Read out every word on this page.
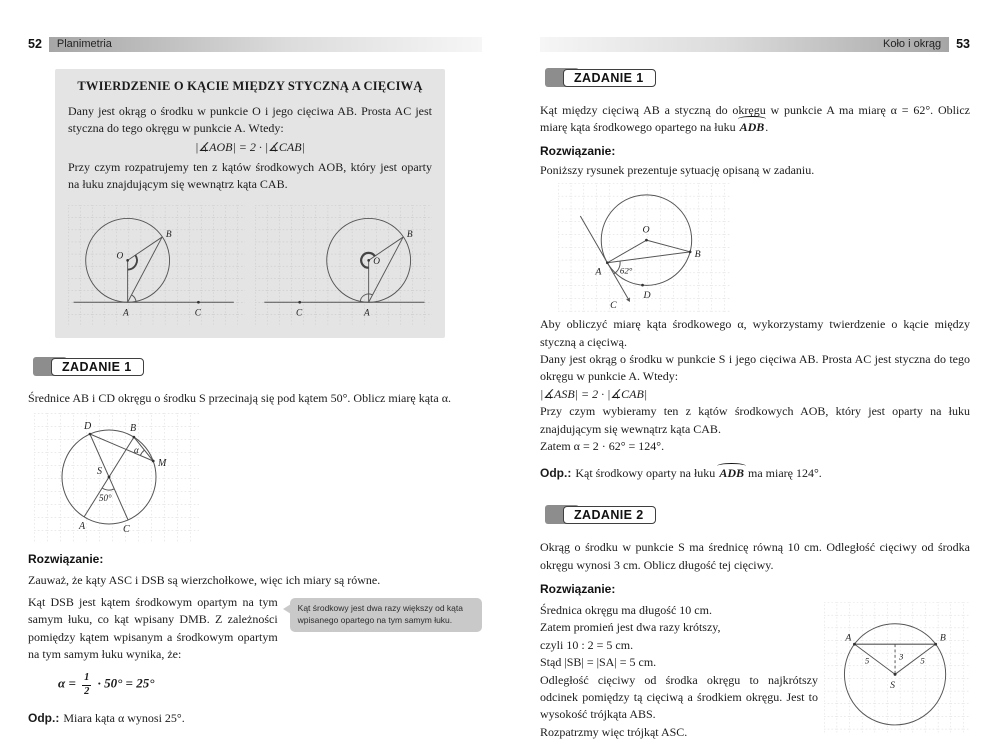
52 Planimetria
TWIERDZENIE O KĄCIE MIĘDZY STYCZNĄ A CIĘCIWĄ

Dany jest okrąg o środku w punkcie O i jego cięciwa AB. Prosta AC jest styczna do tego okręgu w punkcie A. Wtedy:

|∡AOB| = 2 · |∡CAB|

Przy czym rozpatrujemy ten z kątów środkowych AOB, który jest oparty na łuku znajdującym się wewnątrz kąta CAB.

O
B
A	C
O
B
A
C
ZADANIE 1

Średnice AB i CD okręgu o środku S przecinają się pod kątem 50°. Oblicz miarę kąta α.

D	B
M
S
α
50°
A	C

Rozwiązanie:

Zauważ, że kąty ASC i DSB są wierzchołkowe, więc ich miary są równe.

Kąt DSB jest kątem środkowym opartym na tym samym łuku, co kąt wpisany DMB. Z zależności pomiędzy kątem wpisanym a środkowym opartym na tym samym łuku wynika, że:

Kąt środkowy jest dwa razy większy od kąta wpisanego opartego na tym samym łuku.
$\alpha = \frac{1}{2} \cdot 50^\circ = 25^\circ$

Odp.: Miara kąta α wynosi 25°.

Koło i okrąg 53
ZADANIE 1

Kąt między cięciwą AB a styczną do okręgu w punkcie A ma miarę α = 62°. Oblicz miarę kąta środkowego opartego na łuku ADB.

Rozwiązanie:

Poniższy rysunek prezentuje sytuację opisaną w zadaniu.

O
A
B
C
D
62°

Aby obliczyć miarę kąta środkowego α, wykorzystamy twierdzenie o kącie między styczną a cięciwą.

Dany jest okrąg o środku w punkcie S i jego cięciwa AB. Prosta AC jest styczna do tego okręgu w punkcie A. Wtedy:

|∡ASB| = 2 · |∡CAB|

Przy czym wybieramy ten z kątów środkowych AOB, który jest oparty na łuku znajdującym się wewnątrz kąta CAB.

Zatem α = 2 · 62° = 124°.

Odp.: Kąt środkowy oparty na łuku ADB ma miarę 124°.

ZADANIE 2

Okrąg o środku w punkcie S ma średnicę równą 10 cm. Odległość cięciwy od środka okręgu wynosi 3 cm. Oblicz długość tej cięciwy.

Rozwiązanie:

Średnica okręgu ma długość 10 cm.

Zatem promień jest dwa razy krótszy,

czyli 10 : 2 = 5 cm.

Stąd |SB| = |SA| = 5 cm.

Odległość cięciwy od środka okręgu to najkrótszy odcinek pomiędzy tą cięciwą a środkiem okręgu. Jest to wysokość trójkąta ABS.

Rozpatrzmy więc trójkąt ASC.

A	B
S
3
5	5
